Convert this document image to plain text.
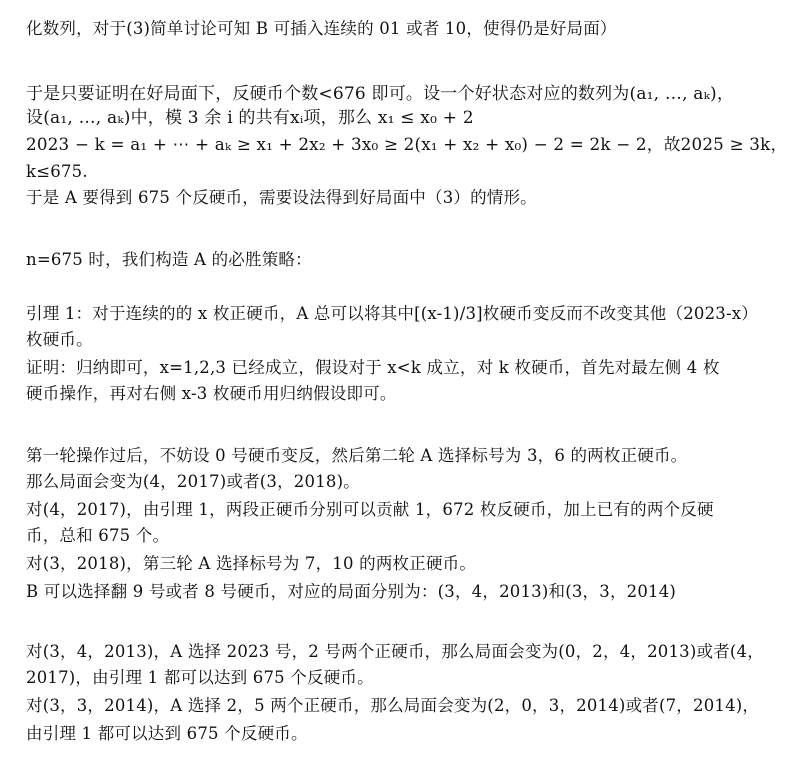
化数列，对于(3)简单讨论可知 B 可插入连续的 01 或者 10，使得仍是好局面）
于是只要证明在好局面下，反硬币个数<676 即可。设一个好状态对应的数列为(a₁, …, aₖ)，
设(a₁, …, aₖ)中，模 3 余 i 的共有xᵢ项，那么 x₁ ≤ x₀ + 2
2023 − k = a₁ + ⋯ + aₖ ≥ x₁ + 2x₂ + 3x₀ ≥ 2(x₁ + x₂ + x₀) − 2 = 2k − 2，故2025 ≥ 3k，
k≤675.
于是 A 要得到 675 个反硬币，需要设法得到好局面中（3）的情形。
n=675 时，我们构造 A 的必胜策略：
引理 1：对于连续的的 x 枚正硬币，A 总可以将其中[(x-1)/3]枚硬币变反而不改变其他（2023-x）
枚硬币。
证明：归纳即可，x=1,2,3 已经成立，假设对于 x<k 成立，对 k 枚硬币，首先对最左侧 4 枚
硬币操作，再对右侧 x-3 枚硬币用归纳假设即可。
第一轮操作过后，不妨设 0 号硬币变反，然后第二轮 A 选择标号为 3，6 的两枚正硬币。
那么局面会变为(4，2017)或者(3，2018)。
对(4，2017)，由引理 1，两段正硬币分别可以贡献 1，672 枚反硬币，加上已有的两个反硬
币，总和 675 个。
对(3，2018)，第三轮 A 选择标号为 7，10 的两枚正硬币。
B 可以选择翻 9 号或者 8 号硬币，对应的局面分别为：(3，4，2013)和(3，3，2014)
对(3，4，2013)，A 选择 2023 号，2 号两个正硬币，那么局面会变为(0，2，4，2013)或者(4，
2017)，由引理 1 都可以达到 675 个反硬币。
对(3，3，2014)，A 选择 2，5 两个正硬币，那么局面会变为(2，0，3，2014)或者(7，2014)，
由引理 1 都可以达到 675 个反硬币。
